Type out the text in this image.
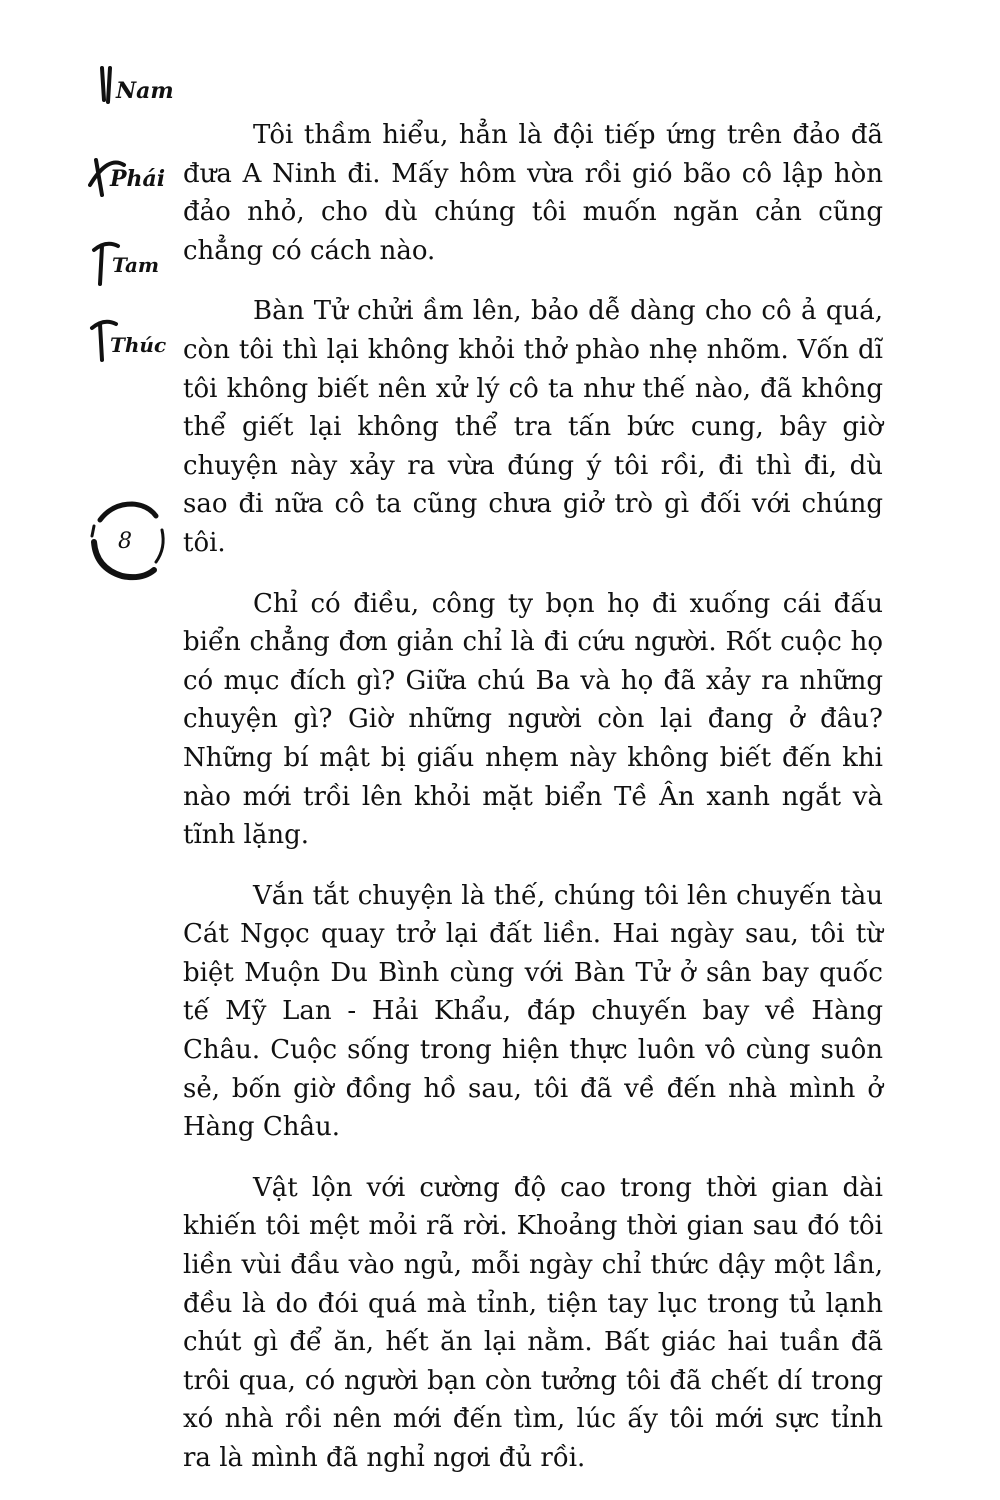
Nam
Phái
Tam
Thúc
8

Tôi thầm hiểu, hẳn là đội tiếp ứng trên đảo đã đưa A Ninh đi. Mấy hôm vừa rồi gió bão cô lập hòn đảo nhỏ, cho dù chúng tôi muốn ngăn cản cũng chẳng có cách nào.

Bàn Tử chửi ầm lên, bảo dễ dàng cho cô ả quá, còn tôi thì lại không khỏi thở phào nhẹ nhõm. Vốn dĩ tôi không biết nên xử lý cô ta như thế nào, đã không thể giết lại không thể tra tấn bức cung, bây giờ chuyện này xảy ra vừa đúng ý tôi rồi, đi thì đi, dù sao đi nữa cô ta cũng chưa giở trò gì đối với chúng tôi.

Chỉ có điều, công ty bọn họ đi xuống cái đấu biển chẳng đơn giản chỉ là đi cứu người. Rốt cuộc họ có mục đích gì? Giữa chú Ba và họ đã xảy ra những chuyện gì? Giờ những người còn lại đang ở đâu? Những bí mật bị giấu nhẹm này không biết đến khi nào mới trồi lên khỏi mặt biển Tề Ân xanh ngắt và tĩnh lặng.

Vắn tắt chuyện là thế, chúng tôi lên chuyến tàu Cát Ngọc quay trở lại đất liền. Hai ngày sau, tôi từ biệt Muộn Du Bình cùng với Bàn Tử ở sân bay quốc tế Mỹ Lan - Hải Khẩu, đáp chuyến bay về Hàng Châu. Cuộc sống trong hiện thực luôn vô cùng suôn sẻ, bốn giờ đồng hồ sau, tôi đã về đến nhà mình ở Hàng Châu.

Vật lộn với cường độ cao trong thời gian dài khiến tôi mệt mỏi rã rời. Khoảng thời gian sau đó tôi liền vùi đầu vào ngủ, mỗi ngày chỉ thức dậy một lần, đều là do đói quá mà tỉnh, tiện tay lục trong tủ lạnh chút gì để ăn, hết ăn lại nằm. Bất giác hai tuần đã trôi qua, có người bạn còn tưởng tôi đã chết dí trong xó nhà rồi nên mới đến tìm, lúc ấy tôi mới sực tỉnh ra là mình đã nghỉ ngơi đủ rồi.
